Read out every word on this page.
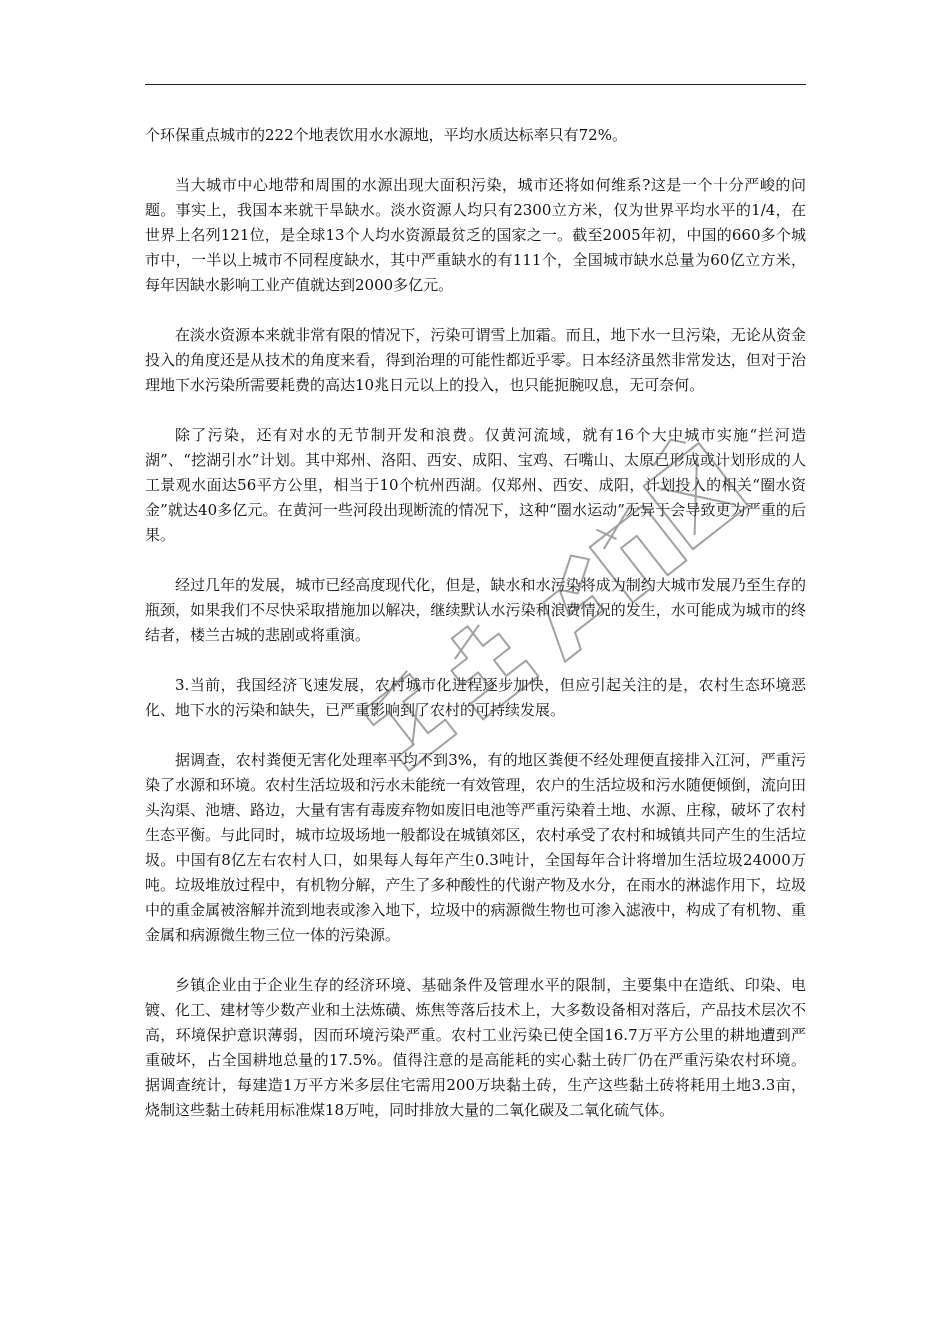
个环保重点城市的222个地表饮用水水源地，平均水质达标率只有72%。

当大城市中心地带和周围的水源出现大面积污染，城市还将如何维系?这是一个十分严峻的问题。事实上，我国本来就干旱缺水。淡水资源人均只有2300立方米，仅为世界平均水平的1/4，在世界上名列121位，是全球13个人均水资源最贫乏的国家之一。截至2005年初，中国的660多个城市中，一半以上城市不同程度缺水，其中严重缺水的有111个，全国城市缺水总量为60亿立方米，每年因缺水影响工业产值就达到2000多亿元。

在淡水资源本来就非常有限的情况下，污染可谓雪上加霜。而且，地下水一旦污染，无论从资金投入的角度还是从技术的角度来看，得到治理的可能性都近乎零。日本经济虽然非常发达，但对于治理地下水污染所需要耗费的高达10兆日元以上的投入，也只能扼腕叹息，无可奈何。

除了污染，还有对水的无节制开发和浪费。仅黄河流域，就有16个大中城市实施“拦河造湖”、“挖湖引水”计划。其中郑州、洛阳、西安、成阳、宝鸡、石嘴山、太原已形成或计划形成的人工景观水面达56平方公里，相当于10个杭州西湖。仅郑州、西安、成阳，计划投入的相关“圈水资金”就达40多亿元。在黄河一些河段出现断流的情况下，这种“圈水运动”无异于会导致更为严重的后果。

经过几年的发展，城市已经高度现代化，但是，缺水和水污染将成为制约大城市发展乃至生存的瓶颈，如果我们不尽快采取措施加以解决，继续默认水污染和浪费情况的发生，水可能成为城市的终结者，楼兰古城的悲剧或将重演。

3.当前，我国经济飞速发展，农村城市化进程逐步加快，但应引起关注的是，农村生态环境恶化、地下水的污染和缺失，已严重影响到了农村的可持续发展。

据调查，农村粪便无害化处理率平均不到3%，有的地区粪便不经处理便直接排入江河，严重污染了水源和环境。农村生活垃圾和污水未能统一有效管理，农户的生活垃圾和污水随便倾倒，流向田头沟渠、池塘、路边，大量有害有毒废弃物如废旧电池等严重污染着土地、水源、庄稼，破坏了农村生态平衡。与此同时，城市垃圾场地一般都设在城镇郊区，农村承受了农村和城镇共同产生的生活垃圾。中国有8亿左右农村人口，如果每人每年产生0.3吨计，全国每年合计将增加生活垃圾24000万吨。垃圾堆放过程中，有机物分解，产生了多种酸性的代谢产物及水分，在雨水的淋滤作用下，垃圾中的重金属被溶解并流到地表或渗入地下，垃圾中的病源微生物也可渗入滤液中，构成了有机物、重金属和病源微生物三位一体的污染源。

乡镇企业由于企业生存的经济环境、基础条件及管理水平的限制，主要集中在造纸、印染、电镀、化工、建材等少数产业和土法炼磺、炼焦等落后技术上，大多数设备相对落后，产品技术层次不高，环境保护意识薄弱，因而环境污染严重。农村工业污染已使全国16.7万平方公里的耕地遭到严重破坏，占全国耕地总量的17.5%。值得注意的是高能耗的实心黏土砖厂仍在严重污染农村环境。据调查统计，每建造1万平方米多层住宅需用200万块黏土砖，生产这些黏土砖将耗用土地3.3亩，烧制这些黏土砖耗用标准煤18万吨，同时排放大量的二氧化碳及二氧化硫气体。
